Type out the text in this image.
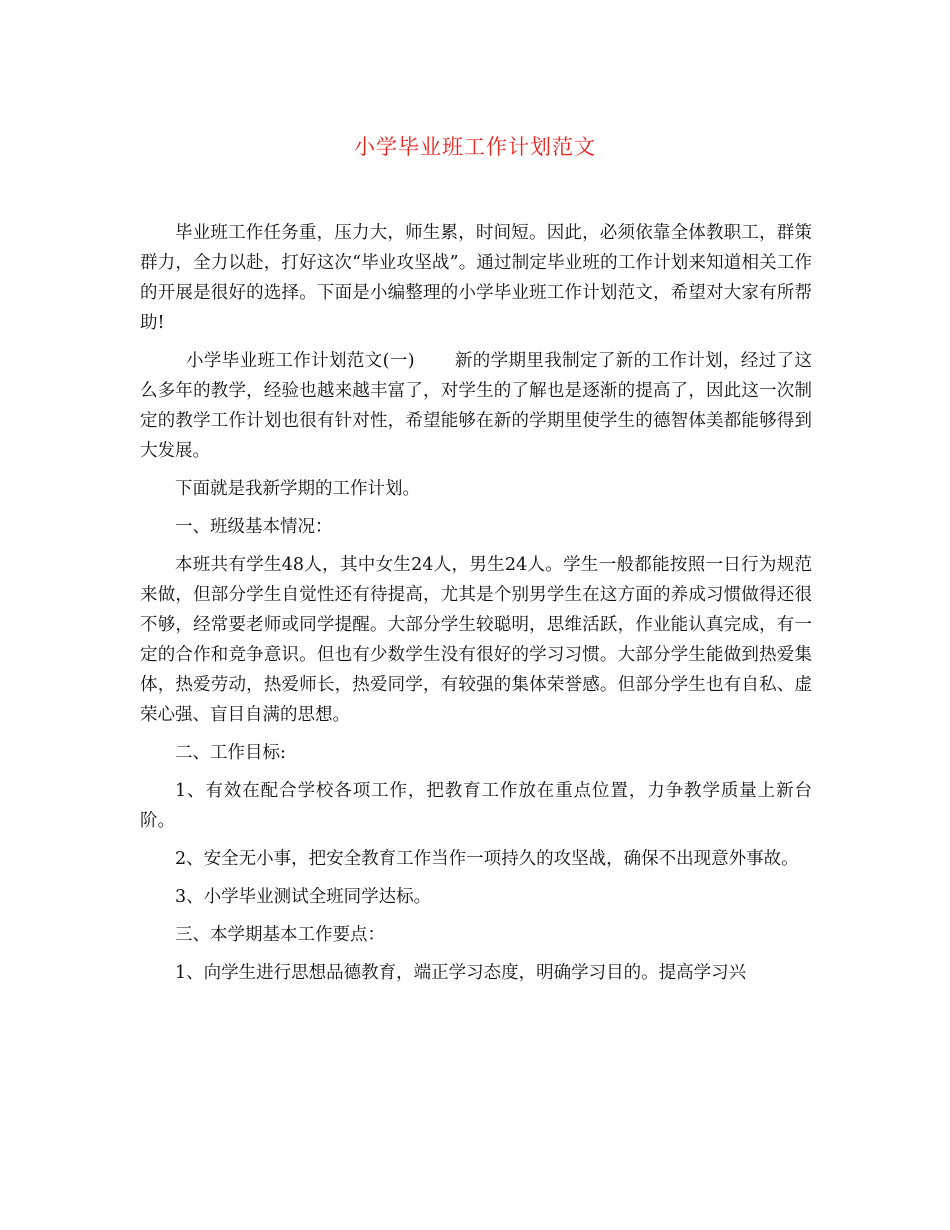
小学毕业班工作计划范文

毕业班工作任务重，压力大，师生累，时间短。因此，必须依靠全体教职工，群策群力，全力以赴，打好这次“毕业攻坚战”。通过制定毕业班的工作计划来知道相关工作的开展是很好的选择。下面是小编整理的小学毕业班工作计划范文，希望对大家有所帮助!

小学毕业班工作计划范文(一) 新的学期里我制定了新的工作计划，经过了这么多年的教学，经验也越来越丰富了，对学生的了解也是逐渐的提高了，因此这一次制定的教学工作计划也很有针对性，希望能够在新的学期里使学生的德智体美都能够得到大发展。

下面就是我新学期的工作计划。

一、班级基本情况：

本班共有学生48人，其中女生24人，男生24人。学生一般都能按照一日行为规范来做，但部分学生自觉性还有待提高，尤其是个别男学生在这方面的养成习惯做得还很不够，经常要老师或同学提醒。大部分学生较聪明，思维活跃，作业能认真完成，有一定的合作和竞争意识。但也有少数学生没有很好的学习习惯。大部分学生能做到热爱集体，热爱劳动，热爱师长，热爱同学，有较强的集体荣誉感。但部分学生也有自私、虚荣心强、盲目自满的思想。

二、工作目标:

1、有效在配合学校各项工作，把教育工作放在重点位置，力争教学质量上新台阶。

2、安全无小事，把安全教育工作当作一项持久的攻坚战，确保不出现意外事故。

3、小学毕业测试全班同学达标。

三、本学期基本工作要点：

1、向学生进行思想品德教育，端正学习态度，明确学习目的。提高学习兴
